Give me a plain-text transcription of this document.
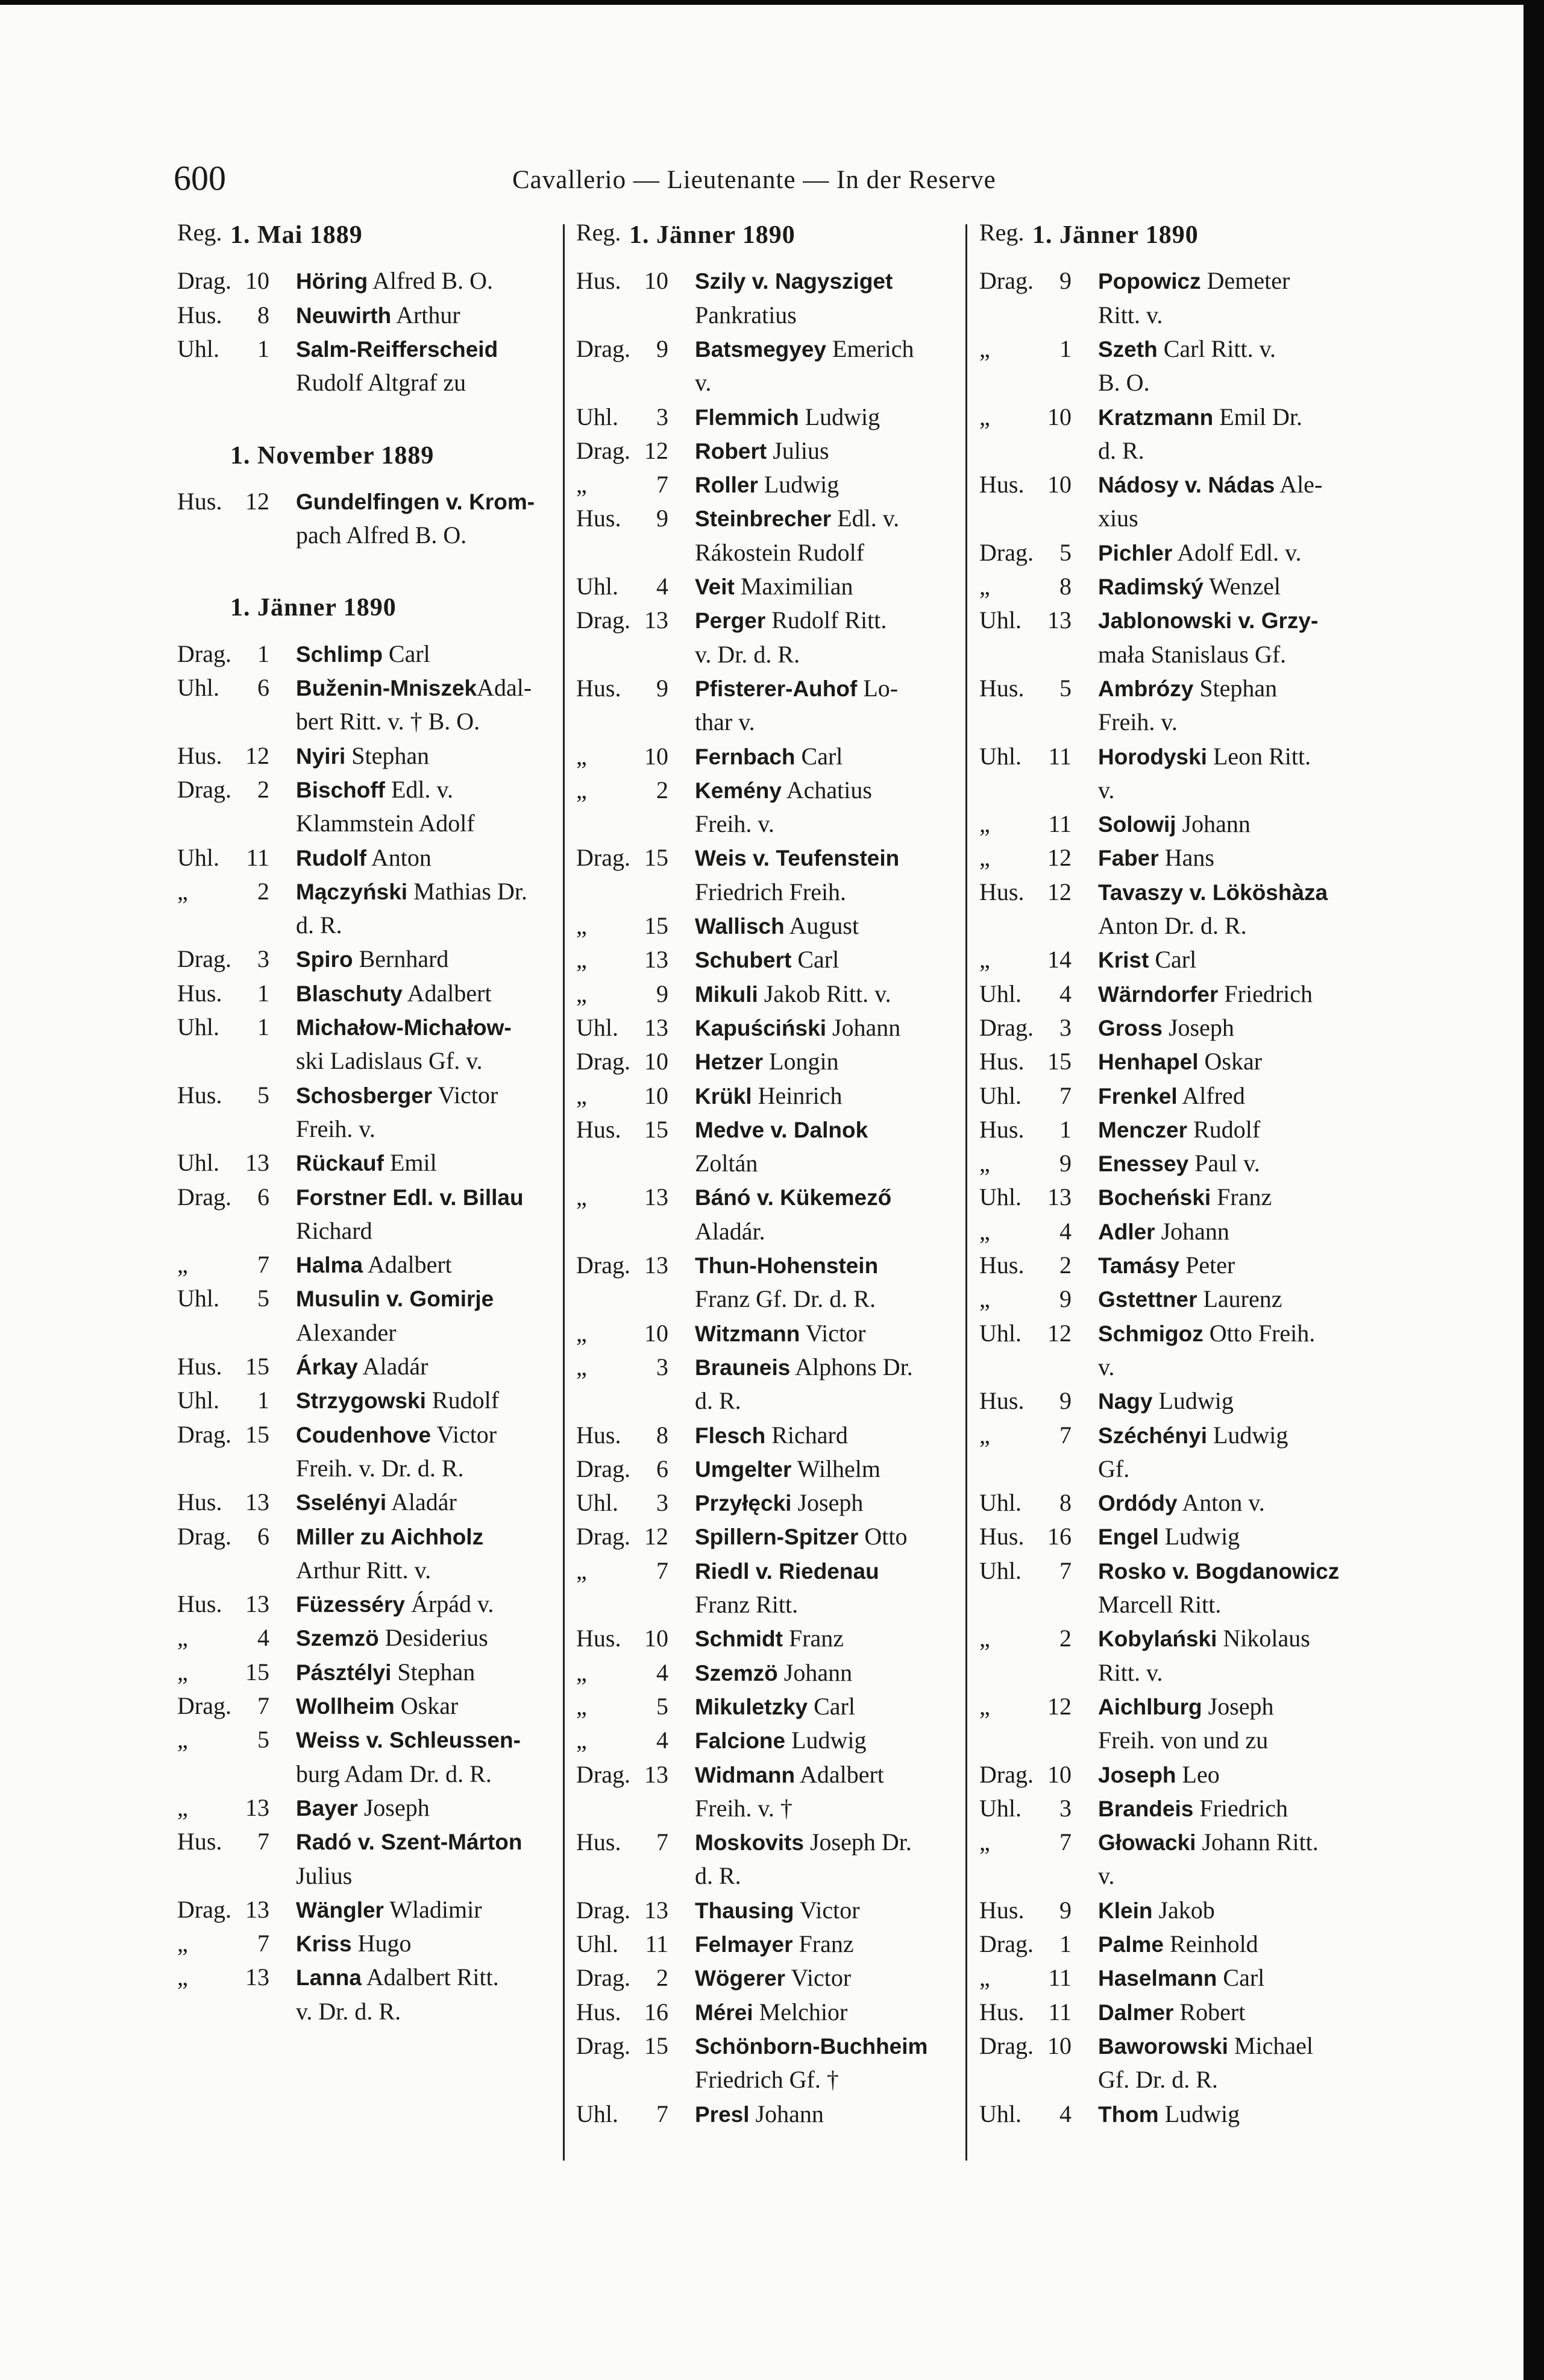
600	Cavallerio — Lieutenante — In der Reserve
Reg. 1. Mai 1889
Drag. 10 Höring Alfred B. O.
Hus.	8 Neuwirth Arthur
Uhl.	1 Salm-Reifferscheid
Rudolf Altgraf zu
1. November 1889
Hus. 12 Gundelfingen v. Krom-
pach Alfred B. O.
1. Jänner 1890
Drag.	1 Schlimp Carl
Uhl.	6 Buženin-MniszekAdal-
bert Ritt. v. † B. O.
Hus. 12 Nyiri Stephan
Drag.	2 Bischoff Edl. v.
Klammstein Adolf
Uhl. 11 Rudolf Anton
„	2 Mączyński Mathias Dr.
d. R.
Drag.	3 Spiro Bernhard
Hus.	1 Blaschuty Adalbert
Uhl.	1 Michałow-Michałow-
ski Ladislaus Gf. v.
Hus.	5 Schosberger Victor
Freih. v.
Uhl. 13 Rückauf Emil
Drag.	6 Forstner Edl. v. Billau
Richard
„	7 Halma Adalbert
Uhl.	5 Musulin v. Gomirje
Alexander
Hus. 15 Árkay Aladár
Uhl.	1 Strzygowski Rudolf
Drag. 15 Coudenhove Victor
Freih. v. Dr. d. R.
Hus. 13 Sselényi Aladár
Drag.	6 Miller zu Aichholz
Arthur Ritt. v.
Hus. 13 Füzesséry Árpád v.
„	4 Szemzö Desiderius
„ 15 Pásztélyi Stephan
Drag.	7 Wollheim Oskar
„	5 Weiss v. Schleussen-
burg Adam Dr. d. R.
„ 13 Bayer Joseph
Hus.	7 Radó v. Szent-Márton
Julius
Drag. 13 Wängler Wladimir
„	7 Kriss Hugo
„ 13 Lanna Adalbert Ritt.
v. Dr. d. R.
Reg. 1. Jänner 1890
Hus. 10 Szily v. Nagysziget
Pankratius
Drag.	9 Batsmegyey Emerich
v.
Uhl.	3 Flemmich Ludwig
Drag. 12 Robert Julius
„	7 Roller Ludwig
Hus.	9 Steinbrecher Edl. v.
Rákostein Rudolf
Uhl.	4 Veit Maximilian
Drag. 13 Perger Rudolf Ritt.
v. Dr. d. R.
Hus.	9 Pfisterer-Auhof Lo-
thar v.
„ 10 Fernbach Carl
„	2 Kemény Achatius
Freih. v.
Drag. 15 Weis v. Teufenstein
Friedrich Freih.
„ 15 Wallisch August
„ 13 Schubert Carl
„	9 Mikuli Jakob Ritt. v.
Uhl. 13 Kapuściński Johann
Drag. 10 Hetzer Longin
„ 10 Krükl Heinrich
Hus. 15 Medve v. Dalnok
Zoltán
„ 13 Bánó v. Kükemező
Aladár.
Drag. 13 Thun-Hohenstein
Franz Gf. Dr. d. R.
„ 10 Witzmann Victor
„	3 Brauneis Alphons Dr.
d. R.
Hus.	8 Flesch Richard
Drag.	6 Umgelter Wilhelm
Uhl.	3 Przyłęcki Joseph
Drag. 12 Spillern-Spitzer Otto
„	7 Riedl v. Riedenau
Franz Ritt.
Hus. 10 Schmidt Franz
„	4 Szemzö Johann
„	5 Mikuletzky Carl
„	4 Falcione Ludwig
Drag. 13 Widmann Adalbert
Freih. v. †
Hus.	7 Moskovits Joseph Dr.
d. R.
Drag. 13 Thausing Victor
Uhl. 11 Felmayer Franz
Drag.	2 Wögerer Victor
Hus. 16 Mérei Melchior
Drag. 15 Schönborn-Buchheim
Friedrich Gf. †
Uhl.	7 Presl Johann
Reg. 1. Jänner 1890
Drag.	9 Popowicz Demeter
Ritt. v.
„	1 Szeth Carl Ritt. v.
B. O.
„ 10 Kratzmann Emil Dr.
d. R.
Hus. 10 Nádosy v. Nádas Ale-
xius
Drag.	5 Pichler Adolf Edl. v.
„	8 Radimský Wenzel
Uhl. 13 Jablonowski v. Grzy-
mała Stanislaus Gf.
Hus.	5 Ambrózy Stephan
Freih. v.
Uhl. 11 Horodyski Leon Ritt.
v.
„ 11 Solowij Johann
„ 12 Faber Hans
Hus. 12 Tavaszy v. Lököshàza
Anton Dr. d. R.
„ 14 Krist Carl
Uhl.	4 Wärndorfer Friedrich
Drag.	3 Gross Joseph
Hus. 15 Henhapel Oskar
Uhl.	7 Frenkel Alfred
Hus.	1 Menczer Rudolf
„	9 Enessey Paul v.
Uhl. 13 Bocheński Franz
„	4 Adler Johann
Hus.	2 Tamásy Peter
„	9 Gstettner Laurenz
Uhl. 12 Schmigoz Otto Freih.
v.
Hus.	9 Nagy Ludwig
„	7 Széchényi Ludwig
Gf.
Uhl.	8 Ordódy Anton v.
Hus. 16 Engel Ludwig
Uhl.	7 Rosko v. Bogdanowicz
Marcell Ritt.
„	2 Kobylański Nikolaus
Ritt. v.
„ 12 Aichlburg Joseph
Freih. von und zu
Drag. 10 Joseph Leo
Uhl.	3 Brandeis Friedrich
„	7 Głowacki Johann Ritt.
v.
Hus.	9 Klein Jakob
Drag.	1 Palme Reinhold
„ 11 Haselmann Carl
Hus. 11 Dalmer Robert
Drag. 10 Baworowski Michael
Gf. Dr. d. R.
Uhl.	4 Thom Ludwig
